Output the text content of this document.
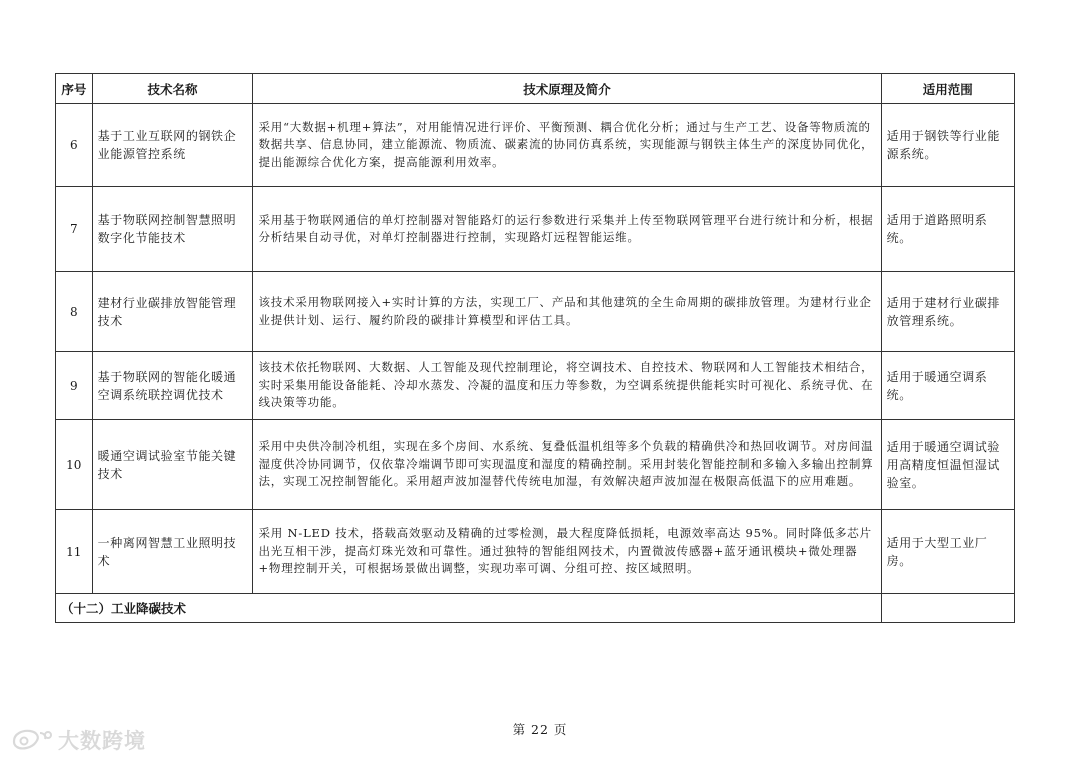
序号	技术名称	技术原理及简介	适用范围
6	基于工业互联网的钢铁企业能源管控系统	采用“大数据+机理+算法”，对用能情况进行评价、平衡预测、耦合优化分析；通过与生产工艺、设备等物质流的数据共享、信息协同，建立能源流、物质流、碳素流的协同仿真系统，实现能源与钢铁主体生产的深度协同优化，提出能源综合优化方案，提高能源利用效率。	适用于钢铁等行业能源系统。
7	基于物联网控制智慧照明数字化节能技术	采用基于物联网通信的单灯控制器对智能路灯的运行参数进行采集并上传至物联网管理平台进行统计和分析，根据分析结果自动寻优，对单灯控制器进行控制，实现路灯远程智能运维。	适用于道路照明系统。
8	建材行业碳排放智能管理技术	该技术采用物联网接入+实时计算的方法，实现工厂、产品和其他建筑的全生命周期的碳排放管理。为建材行业企业提供计划、运行、履约阶段的碳排计算模型和评估工具。	适用于建材行业碳排放管理系统。
9	基于物联网的智能化暖通空调系统联控调优技术	该技术依托物联网、大数据、人工智能及现代控制理论，将空调技术、自控技术、物联网和人工智能技术相结合，实时采集用能设备能耗、冷却水蒸发、冷凝的温度和压力等参数，为空调系统提供能耗实时可视化、系统寻优、在线决策等功能。	适用于暖通空调系统。
10	暖通空调试验室节能关键技术	采用中央供冷制冷机组，实现在多个房间、水系统、复叠低温机组等多个负载的精确供冷和热回收调节。对房间温湿度供冷协同调节，仅依靠冷端调节即可实现温度和湿度的精确控制。采用封装化智能控制和多输入多输出控制算法，实现工况控制智能化。采用超声波加湿替代传统电加湿，有效解决超声波加湿在极限高低温下的应用难题。	适用于暖通空调试验用高精度恒温恒湿试验室。
11	一种离网智慧工业照明技术	采用 N-LED 技术，搭载高效驱动及精确的过零检测，最大程度降低损耗，电源效率高达 95%。同时降低多芯片出光互相干涉，提高灯珠光效和可靠性。通过独特的智能组网技术，内置微波传感器+蓝牙通讯模块+微处理器+物理控制开关，可根据场景做出调整，实现功率可调、分组可控、按区域照明。	适用于大型工业厂房。
（十二）工业降碳技术			
第 22 页
大数跨境
